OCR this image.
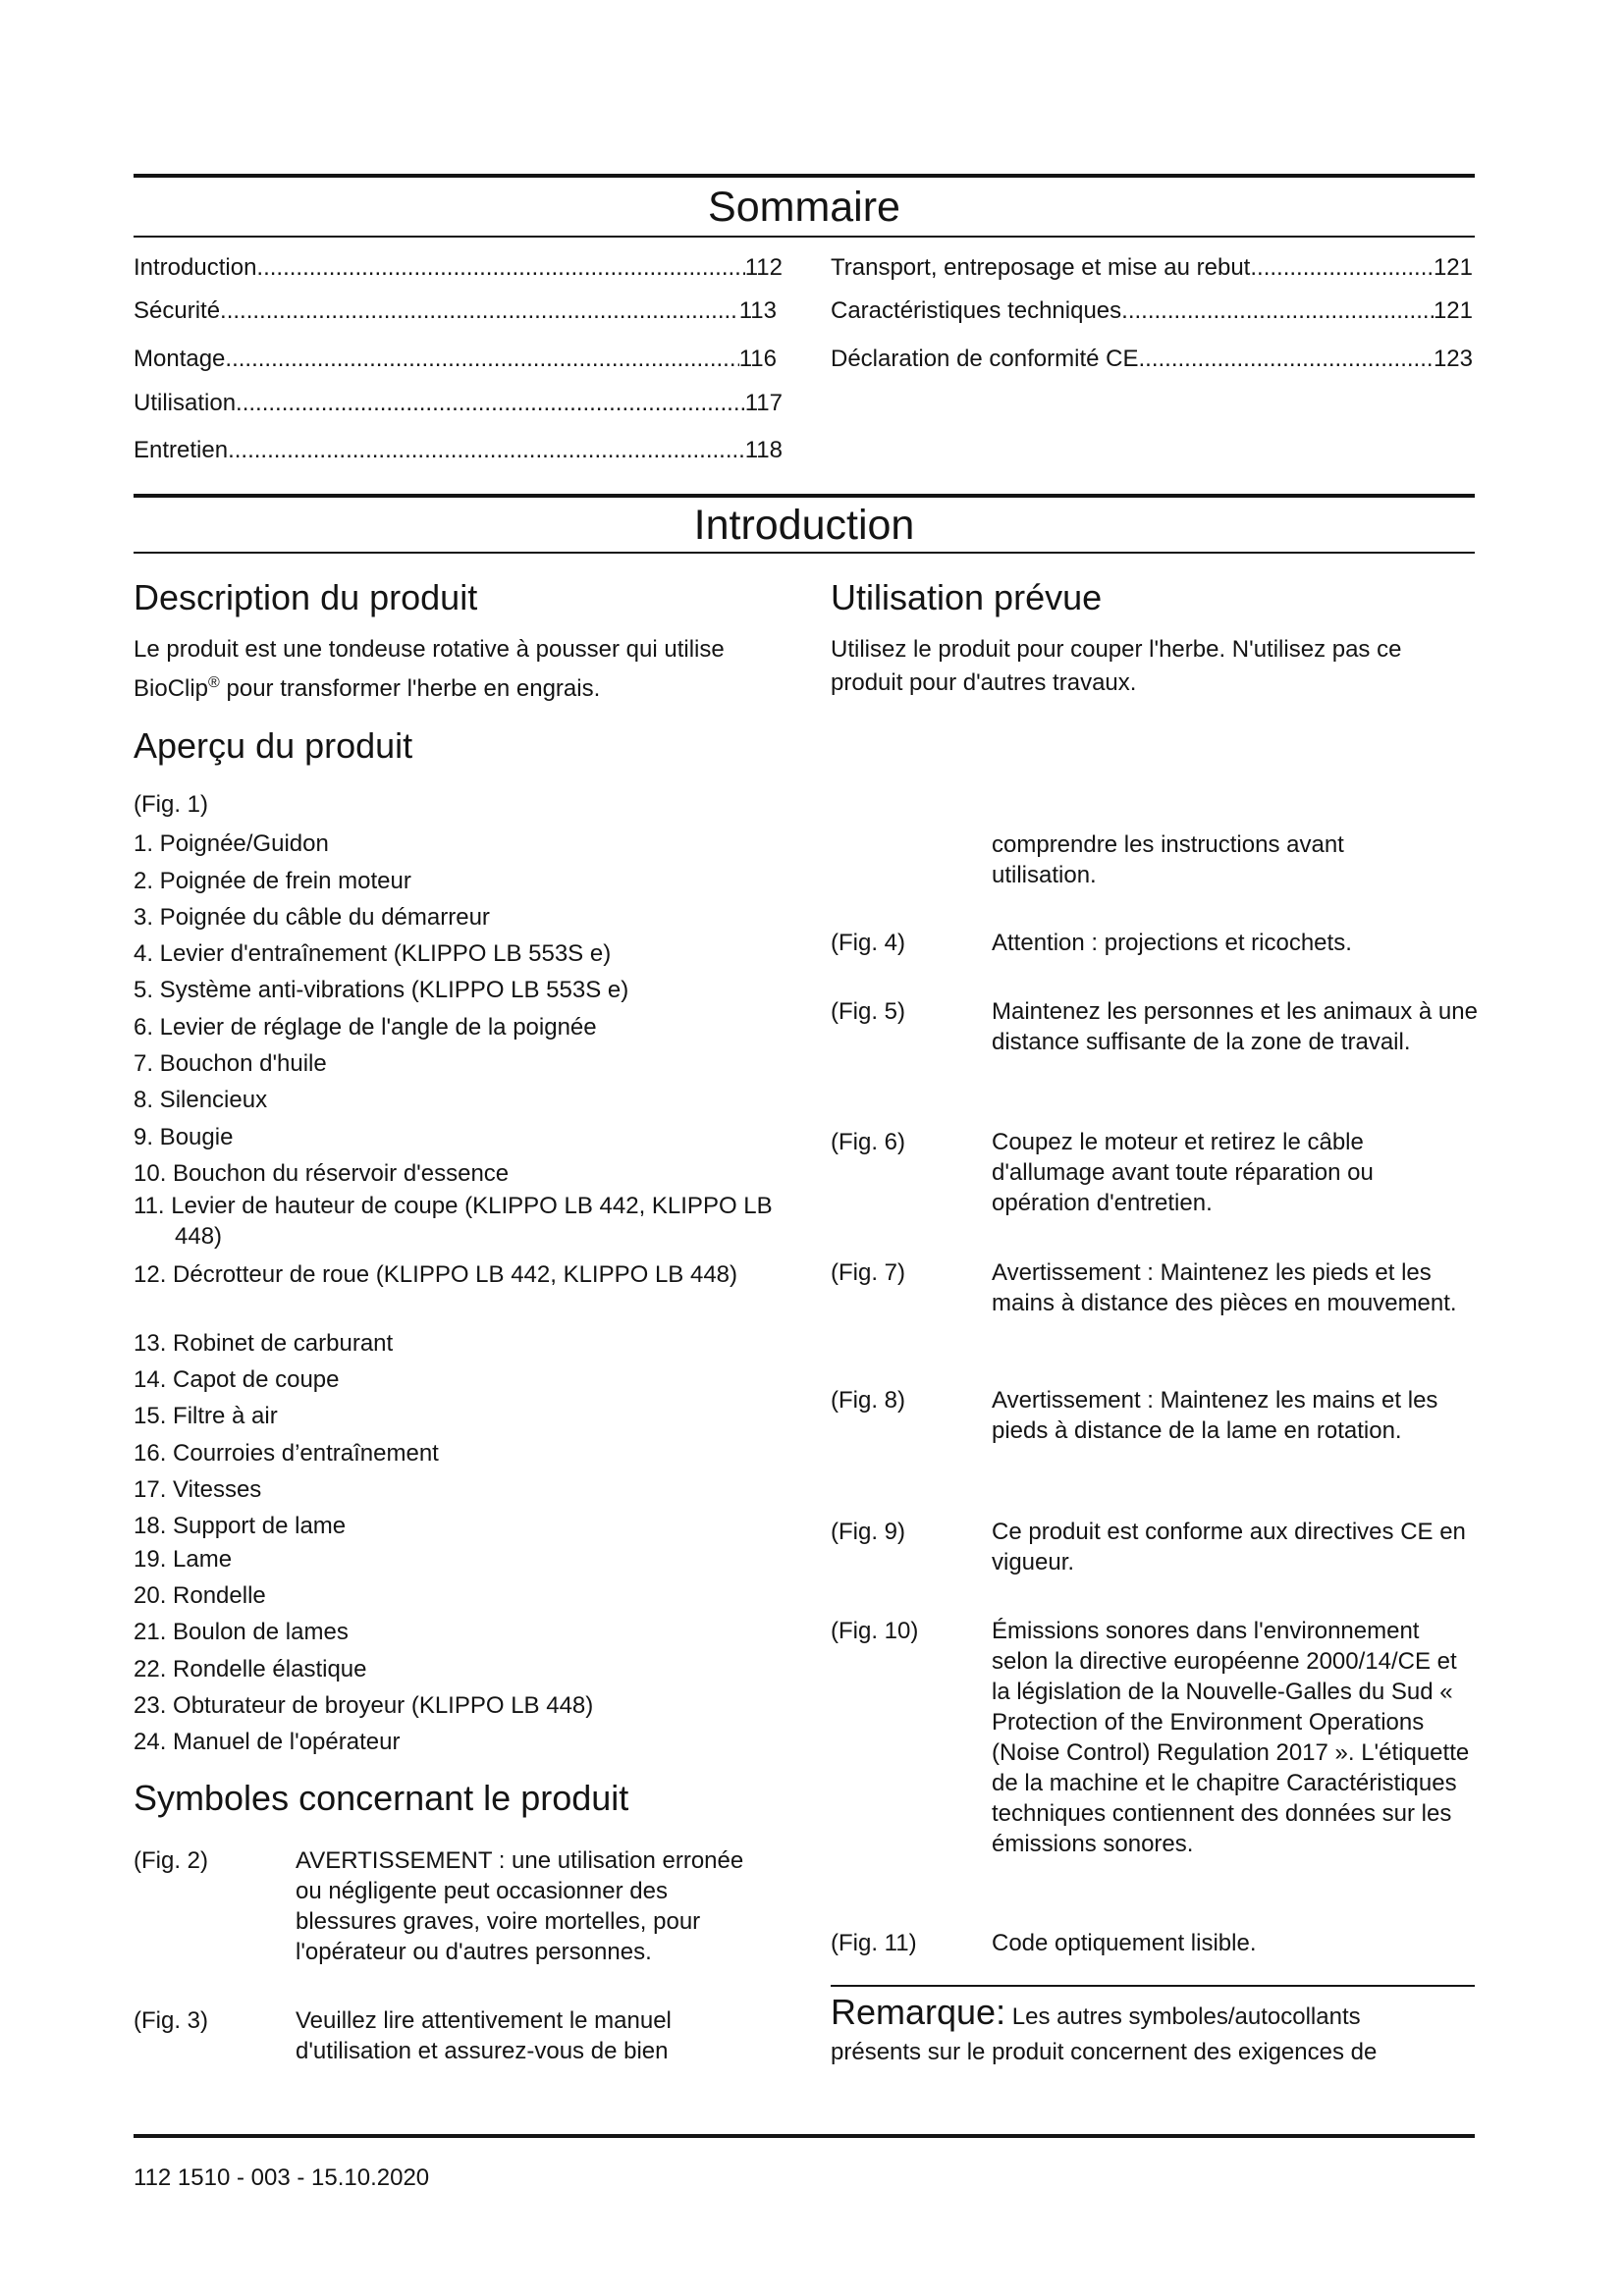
Sommaire
Introduction .....	112
Sécurité .....	113
Montage .....	116
Utilisation .....	117
Entretien .....	118
Transport, entreposage et mise au rebut .....	121
Caractéristiques techniques .....	121
Déclaration de conformité CE .....	123
Introduction
Description du produit

Le produit est une tondeuse rotative à pousser qui utilise
BioClip® pour transformer l'herbe en engrais.

Utilisation prévue

Utilisez le produit pour couper l'herbe. N'utilisez pas ce
produit pour d'autres travaux.

Aperçu du produit
(Fig. 1)
1. Poignée/Guidon
2. Poignée de frein moteur
3. Poignée du câble du démarreur
4. Levier d'entraînement (KLIPPO LB 553S e)
5. Système anti-vibrations (KLIPPO LB 553S e)
6. Levier de réglage de l'angle de la poignée
7. Bouchon d'huile
8. Silencieux
9. Bougie
10. Bouchon du réservoir d'essence
11. Levier de hauteur de coupe (KLIPPO LB 442, KLIPPO LB 448)
12. Décrotteur de roue (KLIPPO LB 442, KLIPPO LB 448)
13. Robinet de carburant
14. Capot de coupe
15. Filtre à air
16. Courroies d’entraînement
17. Vitesses
18. Support de lame
19. Lame
20. Rondelle
21. Boulon de lames
22. Rondelle élastique
23. Obturateur de broyeur (KLIPPO LB 448)
24. Manuel de l'opérateur
Symboles concernant le produit
(Fig. 2)	AVERTISSEMENT : une utilisation erronée ou négligente peut occasionner des blessures graves, voire mortelles, pour l'opérateur ou d'autres personnes.
(Fig. 3)	Veuillez lire attentivement le manuel d'utilisation et assurez-vous de bien
comprendre les instructions avant utilisation.
(Fig. 4)	Attention : projections et ricochets.
(Fig. 5)	Maintenez les personnes et les animaux à une distance suffisante de la zone de travail.
(Fig. 6)	Coupez le moteur et retirez le câble d'allumage avant toute réparation ou opération d'entretien.
(Fig. 7)	Avertissement : Maintenez les pieds et les mains à distance des pièces en mouvement.
(Fig. 8)	Avertissement : Maintenez les mains et les pieds à distance de la lame en rotation.
(Fig. 9)	Ce produit est conforme aux directives CE en vigueur.
(Fig. 10)	Émissions sonores dans l'environnement selon la directive européenne 2000/14/CE et la législation de la Nouvelle-Galles du Sud « Protection of the Environment Operations (Noise Control) Regulation 2017 ». L'étiquette de la machine et le chapitre Caractéristiques techniques contiennent des données sur les émissions sonores.
(Fig. 11)	Code optiquement lisible.
Remarque: Les autres symboles/autocollants
présents sur le produit concernent des exigences de
112 1510 - 003 - 15.10.2020
